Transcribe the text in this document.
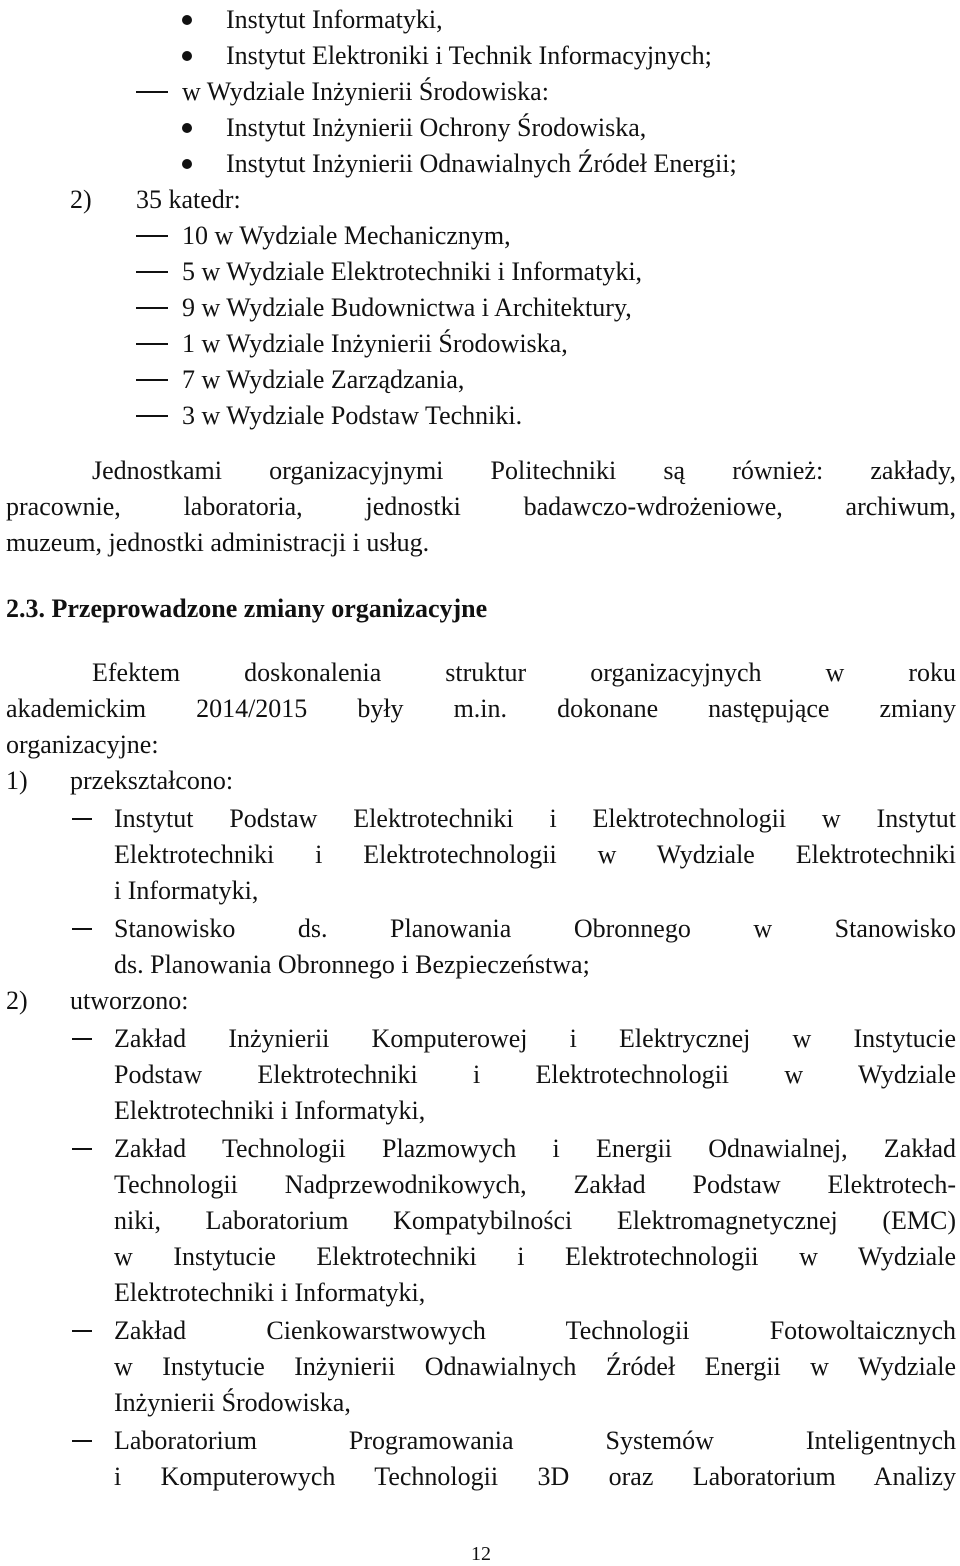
Instytut Informatyki,
Instytut Elektroniki i Technik Informacyjnych;
w Wydziale Inżynierii Środowiska:
Instytut Inżynierii Ochrony Środowiska,
Instytut Inżynierii Odnawialnych Źródeł Energii;
2) 35 katedr:
10 w Wydziale Mechanicznym,
5 w Wydziale Elektrotechniki i Informatyki,
9 w Wydziale Budownictwa i Architektury,
1 w Wydziale Inżynierii Środowiska,
7 w Wydziale Zarządzania,
3 w Wydziale Podstaw Techniki.
Jednostkami organizacyjnymi Politechniki są również: zakłady,
pracownie, laboratoria, jednostki badawczo-wdrożeniowe, archiwum,
muzeum, jednostki administracji i usług.
2.3. Przeprowadzone zmiany organizacyjne
Efektem doskonalenia struktur organizacyjnych w roku
akademickim 2014/2015 były m.in. dokonane następujące zmiany
organizacyjne:
1) przekształcono:
Instytut Podstaw Elektrotechniki i Elektrotechnologii w Instytut
Elektrotechniki i Elektrotechnologii w Wydziale Elektrotechniki
i Informatyki,
Stanowisko ds. Planowania Obronnego w Stanowisko
ds. Planowania Obronnego i Bezpieczeństwa;
2) utworzono:
Zakład Inżynierii Komputerowej i Elektrycznej w Instytucie
Podstaw Elektrotechniki i Elektrotechnologii w Wydziale
Elektrotechniki i Informatyki,
Zakład Technologii Plazmowych i Energii Odnawialnej, Zakład
Technologii Nadprzewodnikowych, Zakład Podstaw Elektrotech-
niki, Laboratorium Kompatybilności Elektromagnetycznej (EMC)
w Instytucie Elektrotechniki i Elektrotechnologii w Wydziale
Elektrotechniki i Informatyki,
Zakład Cienkowarstwowych Technologii Fotowoltaicznych
w Instytucie Inżynierii Odnawialnych Źródeł Energii w Wydziale
Inżynierii Środowiska,
Laboratorium Programowania Systemów Inteligentnych
i Komputerowych Technologii 3D oraz Laboratorium Analizy
12
